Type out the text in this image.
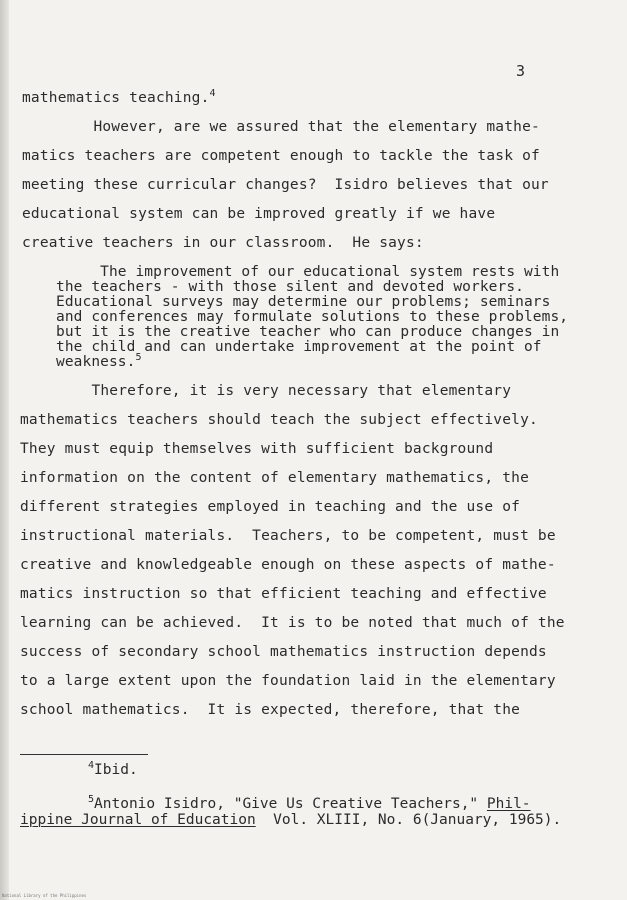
3
mathematics teaching.$^4$
However, are we assured that the elementary mathe-
matics teachers are competent enough to tackle the task of
meeting these curricular changes?  Isidro believes that our
educational system can be improved greatly if we have
creative teachers in our classroom.  He says:
The improvement of our educational system rests with
the teachers - with those silent and devoted workers.
Educational surveys may determine our problems; seminars
and conferences may formulate solutions to these problems,
but it is the creative teacher who can produce changes in
the child and can undertake improvement at the point of
weakness.$^5$
Therefore, it is very necessary that elementary
mathematics teachers should teach the subject effectively.
They must equip themselves with sufficient background
information on the content of elementary mathematics, the
different strategies employed in teaching and the use of
instructional materials.  Teachers, to be competent, must be
creative and knowledgeable enough on these aspects of mathe-
matics instruction so that efficient teaching and effective
learning can be achieved.  It is to be noted that much of the
success of secondary school mathematics instruction depends
to a large extent upon the foundation laid in the elementary
school mathematics.  It is expected, therefore, that the
$^4$Ibid.
$^5$Antonio Isidro, "Give Us Creative Teachers," Phil-
ippine Journal of Education  Vol. XLIII, No. 6(January, 1965).
National Library of the Philippines
